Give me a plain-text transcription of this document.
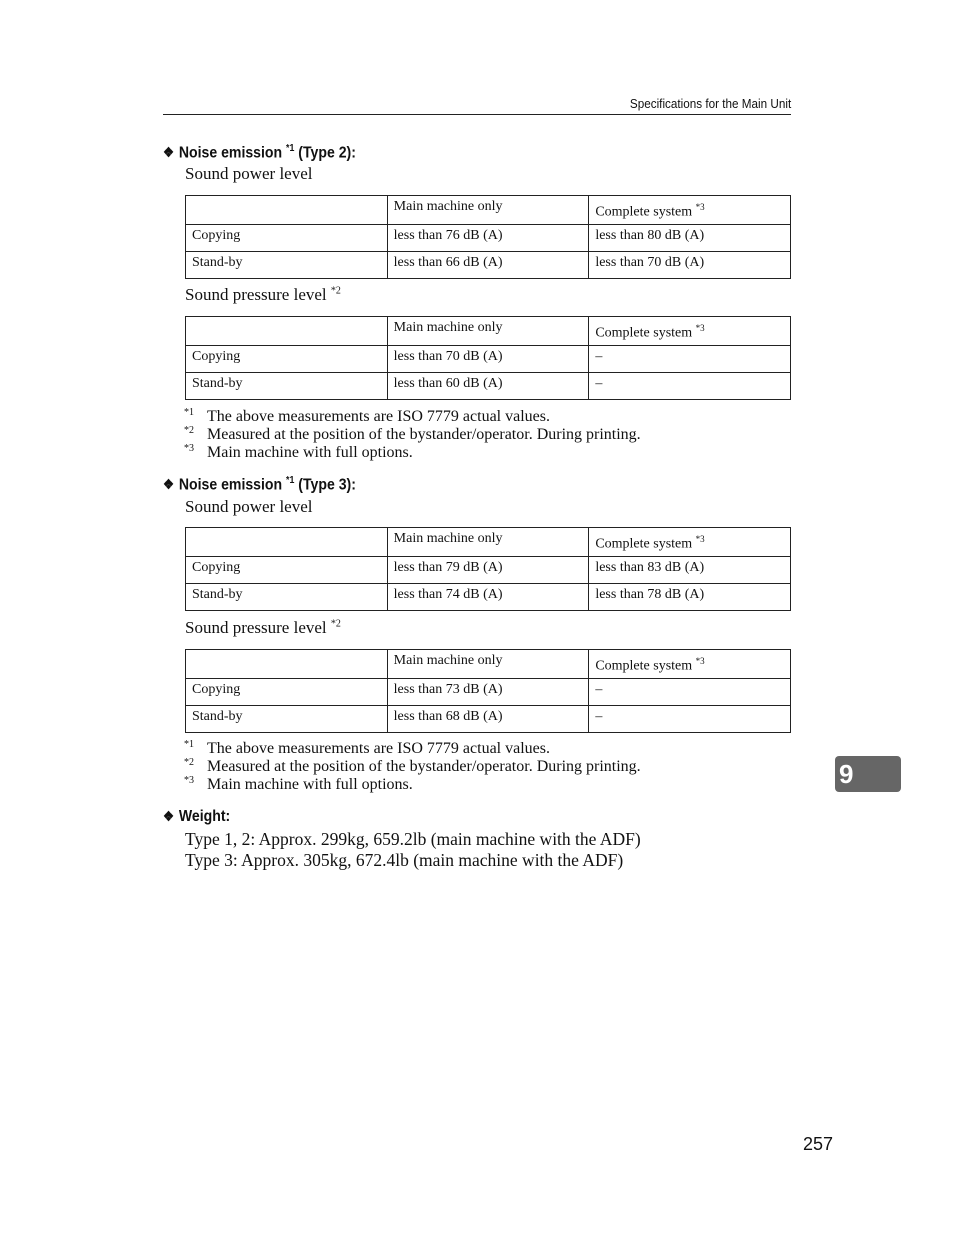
Specifications for the Main Unit
❖ Noise emission $^{*1}$ (Type 2):
Sound power level
	Main machine only	Complete system $^{*3}$
Copying	less than 76 dB (A)	less than 80 dB (A)
Stand-by	less than 66 dB (A)	less than 70 dB (A)
Sound pressure level $^{*2}$
	Main machine only	Complete system $^{*3}$
Copying	less than 70 dB (A)	–
Stand-by	less than 60 dB (A)	–
*1 The above measurements are ISO 7779 actual values.
*2 Measured at the position of the bystander/operator. During printing.
*3 Main machine with full options.
❖ Noise emission $^{*1}$ (Type 3):
Sound power level
	Main machine only	Complete system $^{*3}$
Copying	less than 79 dB (A)	less than 83 dB (A)
Stand-by	less than 74 dB (A)	less than 78 dB (A)
Sound pressure level $^{*2}$
	Main machine only	Complete system $^{*3}$
Copying	less than 73 dB (A)	–
Stand-by	less than 68 dB (A)	–
*1 The above measurements are ISO 7779 actual values.
*2 Measured at the position of the bystander/operator. During printing.
*3 Main machine with full options.
❖ Weight:
Type 1, 2: Approx. 299kg, 659.2lb (main machine with the ADF)
Type 3: Approx. 305kg, 672.4lb (main machine with the ADF)
9
257
